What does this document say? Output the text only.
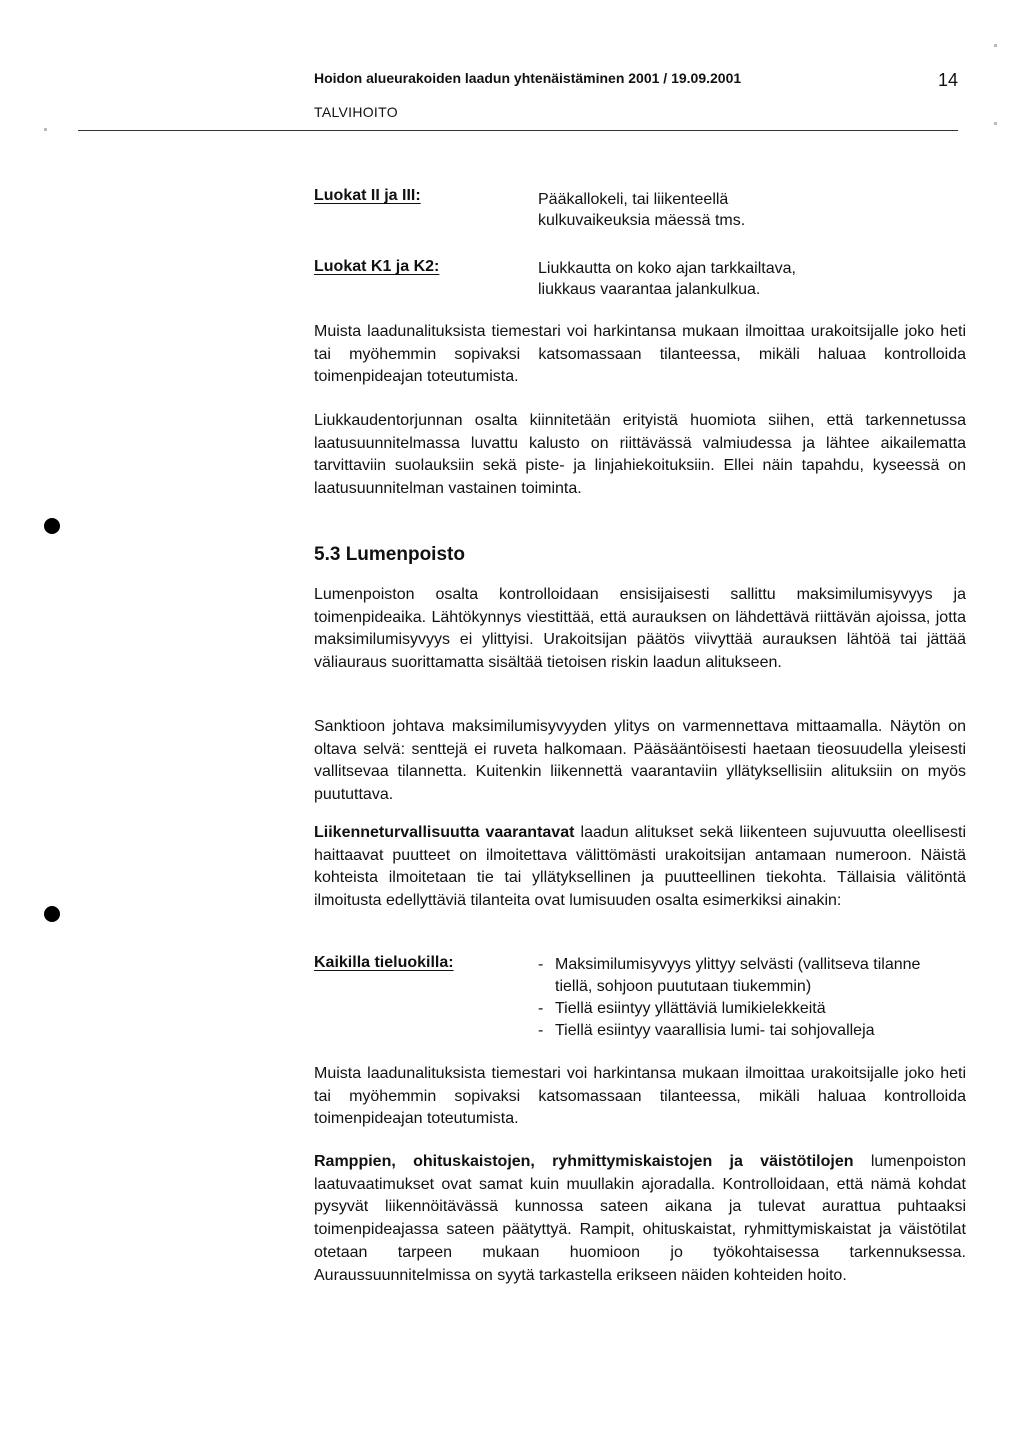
Hoidon alueurakoiden laadun yhtenäistäminen 2001 / 19.09.2001	14
TALVIHOITO
Luokat II ja III:	Pääkallokeli, tai liikenteellä
kulkuvaikeuksia mäessä tms.
Luokat K1 ja K2:	Liukkautta on koko ajan tarkkailtava,
liukkaus vaarantaa jalankulkua.
Muista laadunalituksista tiemestari voi harkintansa mukaan ilmoittaa urakoitsijalle joko heti tai myöhemmin sopivaksi katsomassaan tilanteessa, mikäli haluaa kontrolloida toimenpideajan toteutumista.
Liukkaudentorjunnan osalta kiinnitetään erityistä huomiota siihen, että tarkennetussa laatusuunnitelmassa luvattu kalusto on riittävässä valmiudessa ja lähtee aikailematta tarvittaviin suolauksiin sekä piste- ja linjahiekoituksiin. Ellei näin tapahdu, kyseessä on laatusuunnitelman vastainen toiminta.
5.3 Lumenpoisto
Lumenpoiston osalta kontrolloidaan ensisijaisesti sallittu maksimilumisyvyys ja toimenpideaika. Lähtökynnys viestittää, että aurauksen on lähdettävä riittävän ajoissa, jotta maksimilumisyvyys ei ylittyisi. Urakoitsijan päätös viivyttää aurauksen lähtöä tai jättää väliauraus suorittamatta sisältää tietoisen riskin laadun alitukseen.
Sanktioon johtava maksimilumisyvyyden ylitys on varmennettava mittaamalla. Näytön on oltava selvä: senttejä ei ruveta halkomaan. Pääsääntöisesti haetaan tieosuudella yleisesti vallitsevaa tilannetta. Kuitenkin liikennettä vaarantaviin yllätyksellisiin alituksiin on myös puututtava.
Liikenneturvallisuutta vaarantavat laadun alitukset sekä liikenteen sujuvuutta oleellisesti haittaavat puutteet on ilmoitettava välittömästi urakoitsijan antamaan numeroon. Näistä kohteista ilmoitetaan tie tai yllätyksellinen ja puutteellinen tiekohta. Tällaisia välitöntä ilmoitusta edellyttäviä tilanteita ovat lumisuuden osalta esimerkiksi ainakin:
Kaikilla tieluokilla:	- Maksimilumisyvyys ylittyy selvästi (vallitseva tilanne tiellä, sohjoon puututaan tiukemmin)
- Tiellä esiintyy yllättäviä lumikielekkeitä
- Tiellä esiintyy vaarallisia lumi- tai sohjovalleja
Muista laadunalituksista tiemestari voi harkintansa mukaan ilmoittaa urakoitsijalle joko heti tai myöhemmin sopivaksi katsomassaan tilanteessa, mikäli haluaa kontrolloida toimenpideajan toteutumista.
Ramppien, ohituskaistojen, ryhmittymiskaistojen ja väistötilojen lumenpoiston laatuvaatimukset ovat samat kuin muullakin ajoradalla. Kontrolloidaan, että nämä kohdat pysyvät liikennöitävässä kunnossa sateen aikana ja tulevat aurattua puhtaaksi toimenpideajassa sateen päätyttyä. Rampit, ohituskaistat, ryhmittymiskaistat ja väistötilat otetaan tarpeen mukaan huomioon jo työkohtaisessa tarkennuksessa. Auraussuunnitelmissa on syytä tarkastella erikseen näiden kohteiden hoito.
